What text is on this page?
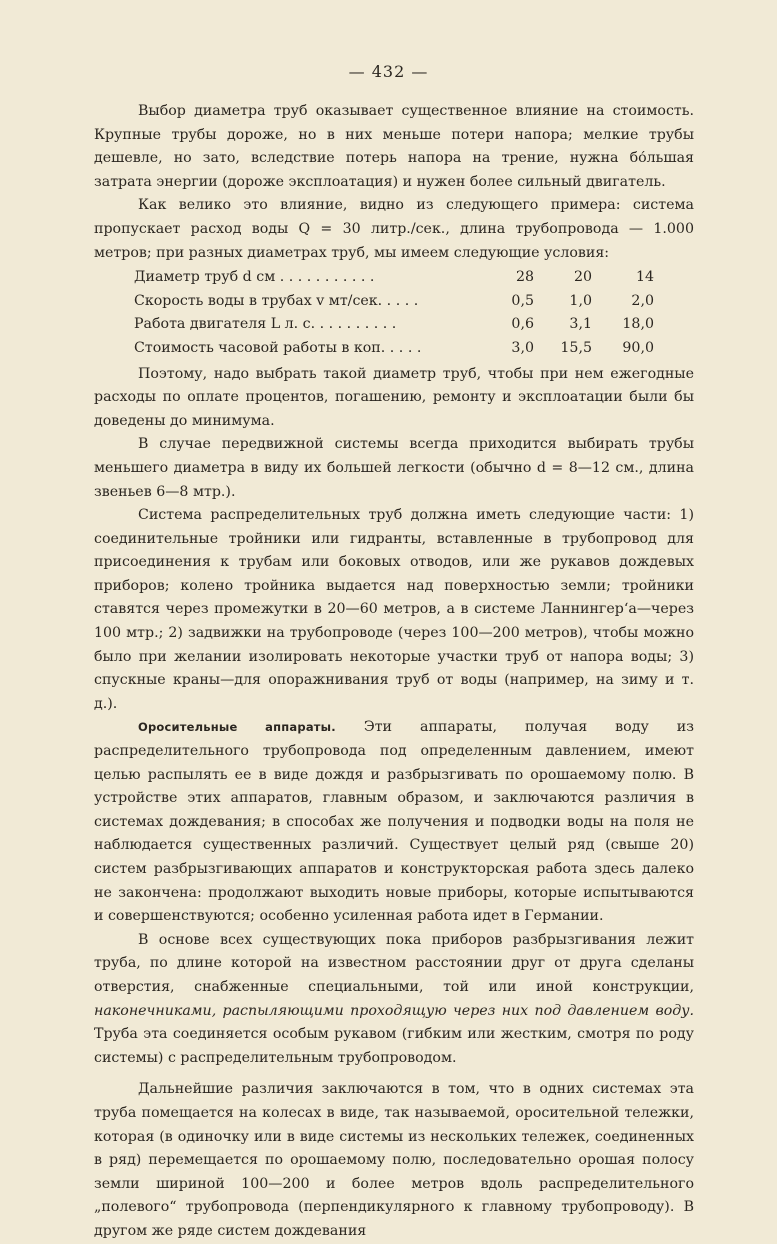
— 432 —

Выбор диаметра труб оказывает существенное влияние на стоимость. Крупные трубы дороже, но в них меньше потери напора; мелкие трубы дешевле, но зато, вследствие потерь напора на трение, нужна бо́льшая затрата энергии (дороже эксплоатация) и нужен более сильный двигатель.

Как велико это влияние, видно из следующего примера: система пропускает расход воды Q = 30 литр./сек., длина трубопровода — 1.000 метров; при разных диаметрах труб, мы имеем следующие условия:

Диаметр труб d см . . . . . . . . . . .	28	20	14
Скорость воды в трубах v мт/сек. . . . .	0,5	1,0	2,0
Работа двигателя L л. с. . . . . . . . . .	0,6	3,1	18,0
Стоимость часовой работы в коп. . . . .	3,0	15,5	90,0

Поэтому, надо выбрать такой диаметр труб, чтобы при нем ежегодные расходы по оплате процентов, погашению, ремонту и эксплоатации были бы доведены до минимума.

В случае передвижной системы всегда приходится выбирать трубы меньшего диаметра в виду их большей легкости (обычно d = 8—12 см., длина звеньев 6—8 мтр.).

Система распределительных труб должна иметь следующие части: 1) соединительные тройники или гидранты, вставленные в трубопровод для присоединения к трубам или боковых отводов, или же рукавов дождевых приборов; колено тройника выдается над поверхностью земли; тройники ставятся через промежутки в 20—60 метров, а в системе Ланнингер‘а—через 100 мтр.; 2) задвижки на трубопроводе (через 100—200 метров), чтобы можно было при желании изолировать некоторые участки труб от напора воды; 3) спускные краны—для опоражнивания труб от воды (например, на зиму и т. д.).

Оросительные аппараты. Эти аппараты, получая воду из распределительного трубопровода под определенным давлением, имеют целью распылять ее в виде дождя и разбрызгивать по орошаемому полю. В устройстве этих аппаратов, главным образом, и заключаются различия в системах дождевания; в способах же получения и подводки воды на поля не наблюдается существенных различий. Существует целый ряд (свыше 20) систем разбрызгивающих аппаратов и конструкторская работа здесь далеко не закончена: продолжают выходить новые приборы, которые испытываются и совершенствуются; особенно усиленная работа идет в Германии.

В основе всех существующих пока приборов разбрызгивания лежит труба, по длине которой на известном расстоянии друг от друга сделаны отверстия, снабженные специальными, той или иной конструкции, наконечниками, распыляющими проходящую через них под давлением воду. Труба эта соединяется особым рукавом (гибким или жестким, смотря по роду системы) с распределительным трубопроводом.

Дальнейшие различия заключаются в том, что в одних системах эта труба помещается на колесах в виде, так называемой, оросительной тележки, которая (в одиночку или в виде системы из нескольких тележек, соединенных в ряд) перемещается по орошаемому полю, последовательно орошая полосу земли шириной 100—200 и более метров вдоль распределительного „полевого“ трубопровода (перпендикулярного к главному трубопроводу). В другом же ряде систем дождевания
